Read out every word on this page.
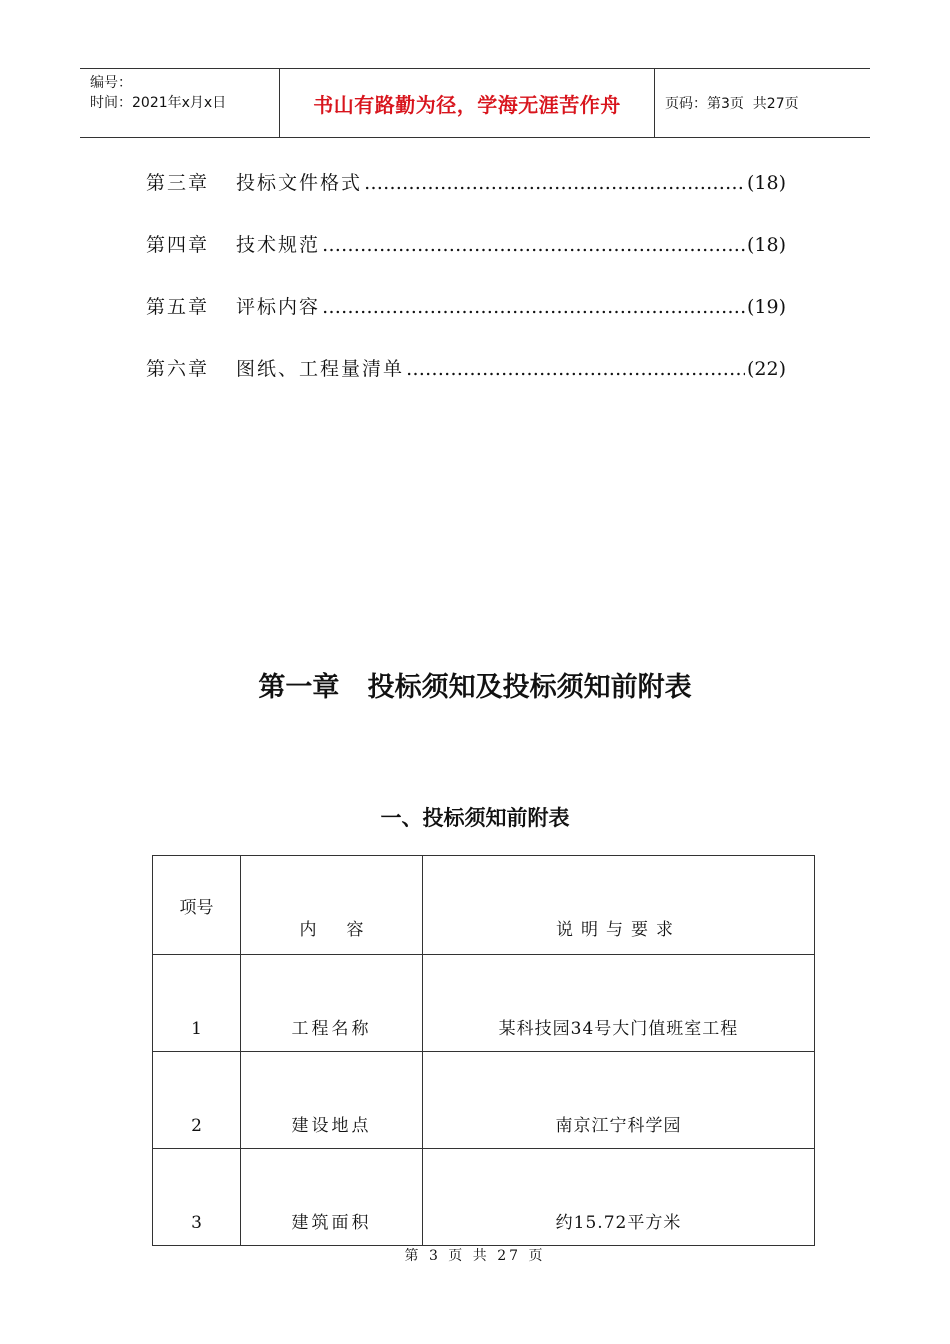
编号：
时间：2021年x月x日	书山有路勤为径，学海无涯苦作舟	页码：第3页  共27页
第三章	投标文件格式 …………………………………………………………………………………………………………………………	(18)
第四章	技术规范 …………………………………………………………………………………………………………………………	(18)
第五章	评标内容 …………………………………………………………………………………………………………………………	(19)
第六章	图纸、工程量清单 …………………………………………………………………………………………………………………………	(22)
第一章   投标须知及投标须知前附表
一、投标须知前附表
项号	内容	说明与要求
1	工程名称	某科技园34号大门值班室工程
2	建设地点	南京江宁科学园
3	建筑面积	约15.72平方米
第 3 页 共 27 页
